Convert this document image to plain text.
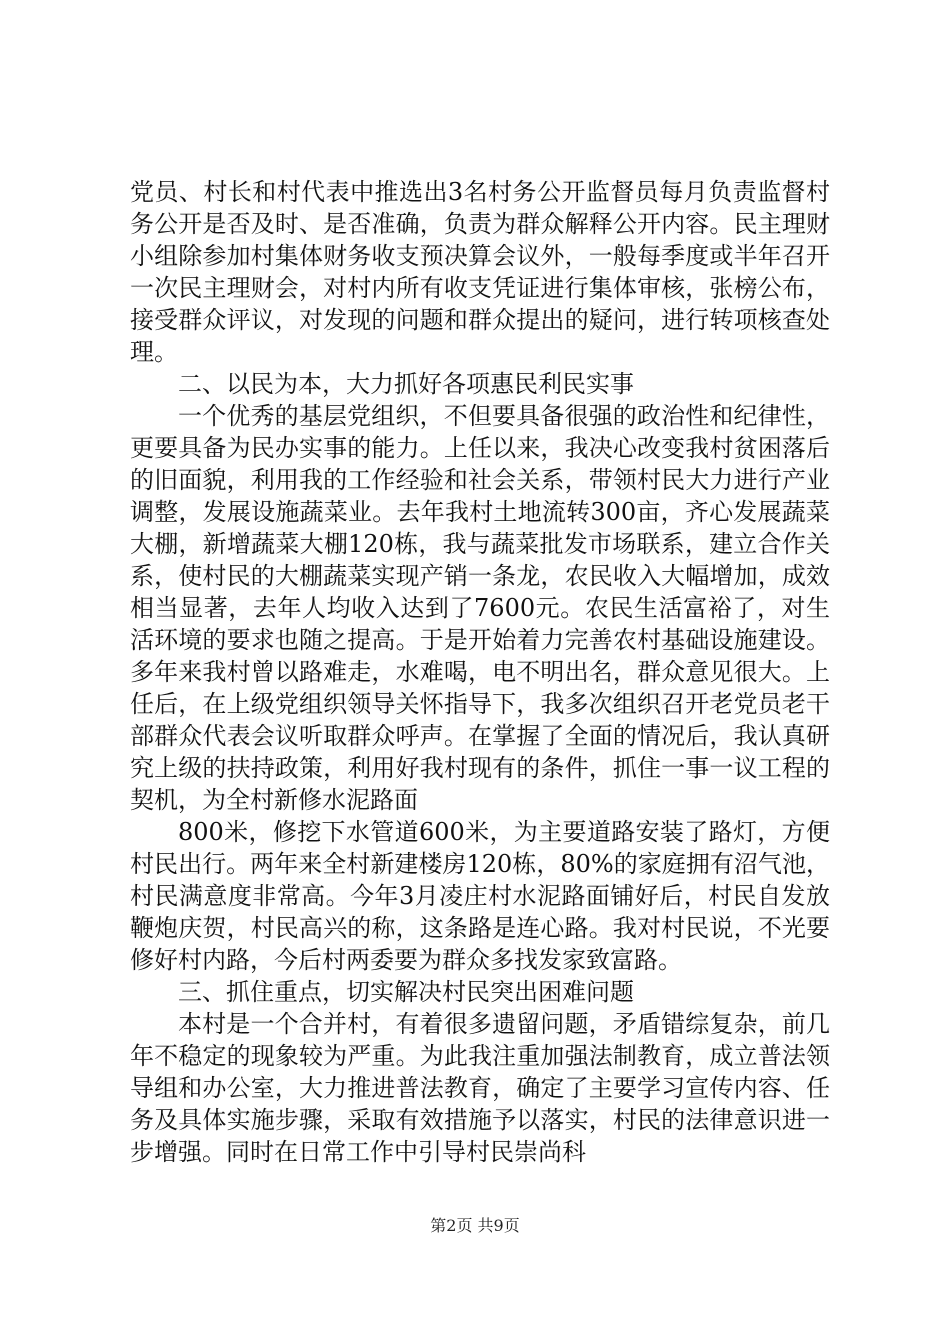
党员、村长和村代表中推选出3名村务公开监督员每月负责监督村务公开是否及时、是否准确，负责为群众解释公开内容。民主理财小组除参加村集体财务收支预决算会议外，一般每季度或半年召开一次民主理财会，对村内所有收支凭证进行集体审核，张榜公布，接受群众评议，对发现的问题和群众提出的疑问，进行转项核查处理。

二、以民为本，大力抓好各项惠民利民实事

一个优秀的基层党组织，不但要具备很强的政治性和纪律性，更要具备为民办实事的能力。上任以来，我决心改变我村贫困落后的旧面貌，利用我的工作经验和社会关系，带领村民大力进行产业调整，发展设施蔬菜业。去年我村土地流转300亩，齐心发展蔬菜大棚，新增蔬菜大棚120栋，我与蔬菜批发市场联系，建立合作关系，使村民的大棚蔬菜实现产销一条龙，农民收入大幅增加，成效相当显著，去年人均收入达到了7600元。农民生活富裕了，对生活环境的要求也随之提高。于是开始着力完善农村基础设施建设。多年来我村曾以路难走，水难喝，电不明出名，群众意见很大。上任后，在上级党组织领导关怀指导下，我多次组织召开老党员老干部群众代表会议听取群众呼声。在掌握了全面的情况后，我认真研究上级的扶持政策，利用好我村现有的条件，抓住一事一议工程的契机，为全村新修水泥路面

800米，修挖下水管道600米，为主要道路安装了路灯，方便村民出行。两年来全村新建楼房120栋，80%的家庭拥有沼气池，村民满意度非常高。今年3月凌庄村水泥路面铺好后，村民自发放鞭炮庆贺，村民高兴的称，这条路是连心路。我对村民说，不光要修好村内路，今后村两委要为群众多找发家致富路。

三、抓住重点，切实解决村民突出困难问题

本村是一个合并村，有着很多遗留问题，矛盾错综复杂，前几年不稳定的现象较为严重。为此我注重加强法制教育，成立普法领导组和办公室，大力推进普法教育，确定了主要学习宣传内容、任务及具体实施步骤，采取有效措施予以落实，村民的法律意识进一步增强。同时在日常工作中引导村民崇尚科

第2页 共9页
